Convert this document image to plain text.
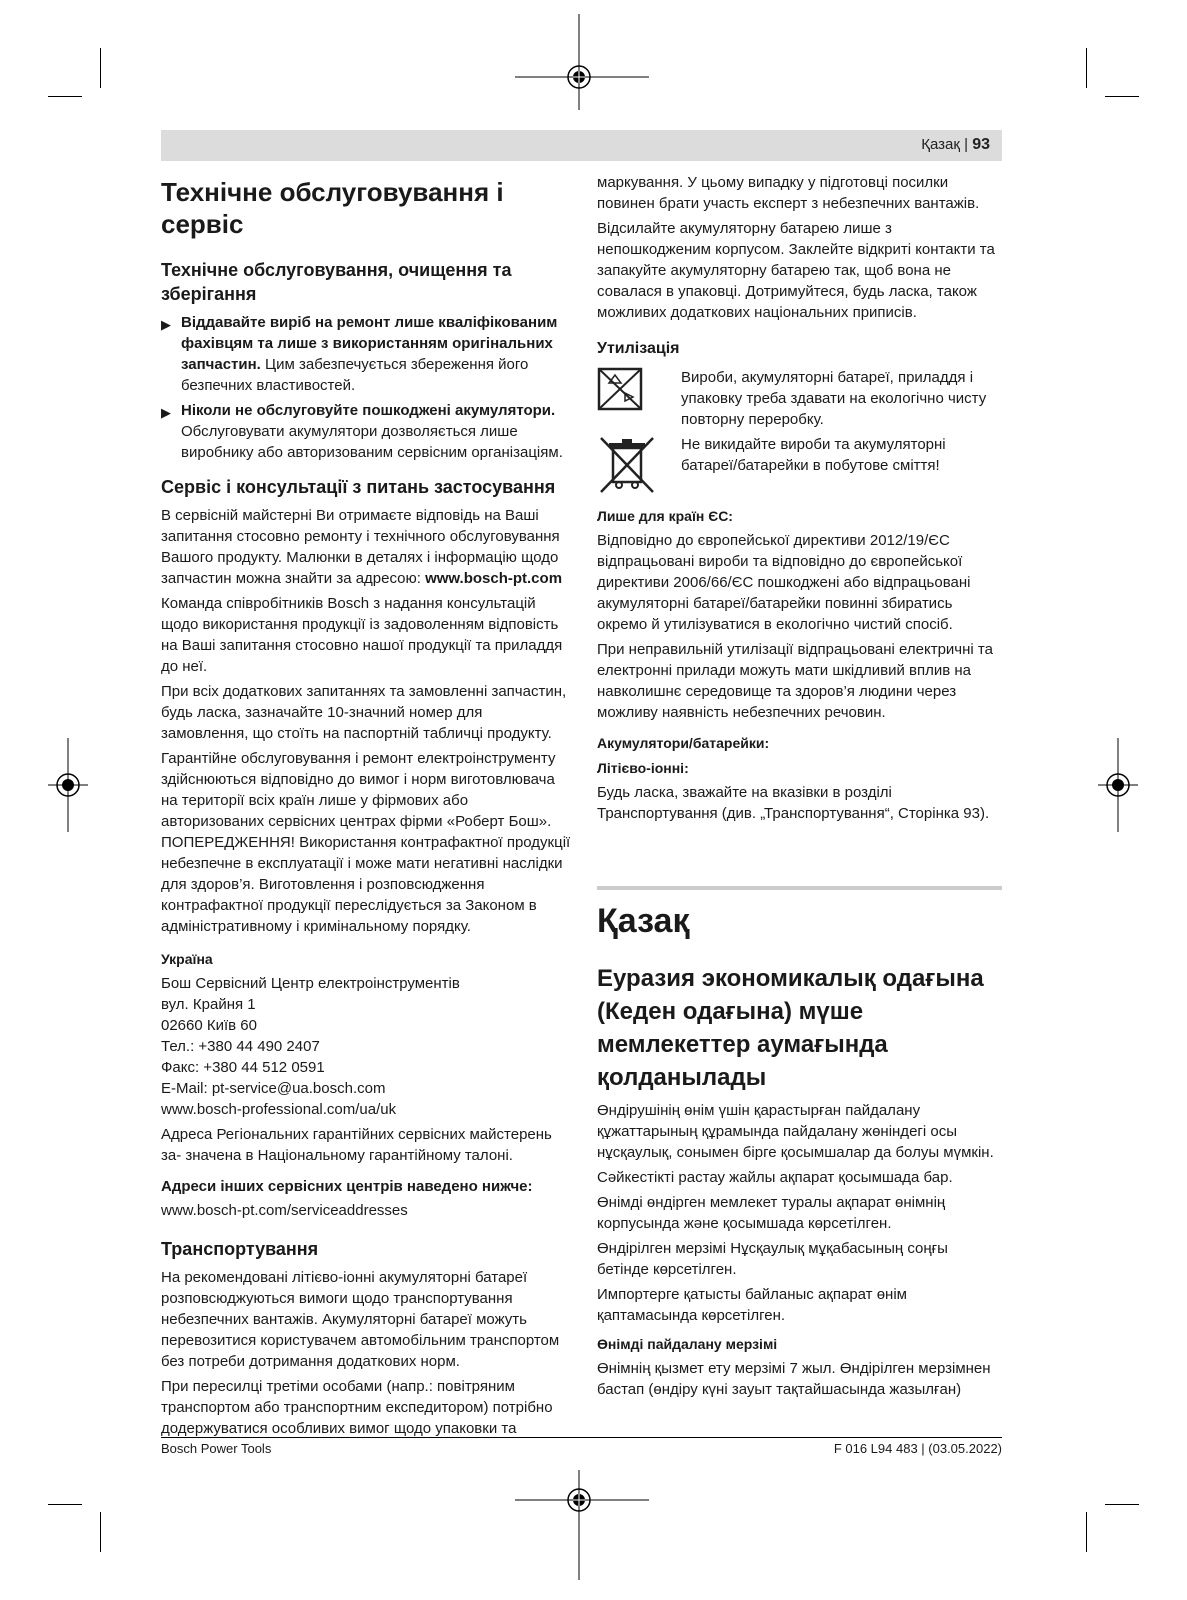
Қазақ | 93
Технічне обслуговування і сервіс
Технічне обслуговування, очищення та зберігання
▶ Віддавайте виріб на ремонт лише кваліфікованим фахівцям та лише з використанням оригінальних запчастин. Цим забезпечується збереження його безпечних властивостей.
▶ Ніколи не обслуговуйте пошкоджені акумулятори. Обслуговувати акумулятори дозволяється лише виробнику або авторизованим сервісним організаціям.
Сервіс і консультації з питань застосування

В сервісній майстерні Ви отримаєте відповідь на Ваші запитання стосовно ремонту і технічного обслуговування Вашого продукту. Малюнки в деталях і інформацію щодо запчастин можна знайти за адресою: www.bosch-pt.com

Команда співробітників Bosch з надання консультацій щодо використання продукції із задоволенням відповість на Ваші запитання стосовно нашої продукції та приладдя до неї.

При всіх додаткових запитаннях та замовленні запчастин, будь ласка, зазначайте 10-значний номер для замовлення, що стоїть на паспортній табличці продукту.

Гарантійне обслуговування і ремонт електроінструменту здійснюються відповідно до вимог і норм виготовлювача на території всіх країн лише у фірмових або авторизованих сервісних центрах фірми «Роберт Бош». ПОПЕРЕДЖЕННЯ! Використання контрафактної продукції небезпечне в експлуатації і може мати негативні наслідки для здоров’я. Виготовлення і розповсюдження контрафактної продукції переслідується за Законом в адміністративному і кримінальному порядку.

Україна

Бош Сервісний Центр електроінструментів

вул. Крайня 1

02660 Київ 60

Тел.: +380 44 490 2407

Факс: +380 44 512 0591

E-Mail: pt-service@ua.bosch.com

www.bosch-professional.com/ua/uk

Адреса Регіональних гарантійних сервісних майстерень за- значена в Національному гарантійному талоні.

Адреси інших сервісних центрів наведено нижче:

www.bosch-pt.com/serviceaddresses

Транспортування

На рекомендовані літієво-іонні акумуляторні батареї розповсюджуються вимоги щодо транспортування небезпечних вантажів. Акумуляторні батареї можуть перевозитися користувачем автомобільним транспортом без потреби дотримання додаткових норм.

При пересилці третіми особами (напр.: повітряним транспортом або транспортним експедитором) потрібно додержуватися особливих вимог щодо упаковки та

маркування. У цьому випадку у підготовці посилки повинен брати участь експерт з небезпечних вантажів.

Відсилайте акумуляторну батарею лише з непошкодженим корпусом. Заклейте відкриті контакти та запакуйте акумуляторну батарею так, щоб вона не совалася в упаковці. Дотримуйтеся, будь ласка, також можливих додаткових національних приписів.

Утилізація
Вироби, акумуляторні батареї, приладдя і упаковку треба здавати на екологічно чисту повторну переробку.
Не викидайте вироби та акумуляторні батареї/батарейки в побутове сміття!
Лише для країн ЄС:

Відповідно до європейської директиви 2012/19/ЄС відпрацьовані вироби та відповідно до європейської директиви 2006/66/ЄС пошкоджені або відпрацьовані акумуляторні батареї/батарейки повинні збиратись окремо й утилізуватися в екологічно чистий спосіб.

При неправильній утилізації відпрацьовані електричні та електронні прилади можуть мати шкідливий вплив на навколишнє середовище та здоров’я людини через можливу наявність небезпечних речовин.

Акумулятори/батарейки:
Літієво-іонні:

Будь ласка, зважайте на вказівки в розділі Транспортування (див. „Транспортування“, Сторінка 93).

Қазақ
Еуразия экономикалық одағына (Кеден одағына) мүше мемлекеттер аумағында қолданылады

Өндірушінің өнім үшін қарастырған пайдалану құжаттарының құрамында пайдалану жөніндегі осы нұсқаулық, сонымен бірге қосымшалар да болуы мүмкін.

Сәйкестікті растау жайлы ақпарат қосымшада бар.

Өнімді өндірген мемлекет туралы ақпарат өнімнің корпусында және қосымшада көрсетілген.

Өндірілген мерзімі Нұсқаулық мұқабасының соңғы бетінде көрсетілген.

Импортерге қатысты байланыс ақпарат өнім қаптамасында көрсетілген.

Өнімді пайдалану мерзімі

Өнімнің қызмет ету мерзімі 7 жыл. Өндірілген мерзімнен бастап (өндіру күні зауыт тақтайшасында жазылған)

Bosch Power Tools	F 016 L94 483 | (03.05.2022)
